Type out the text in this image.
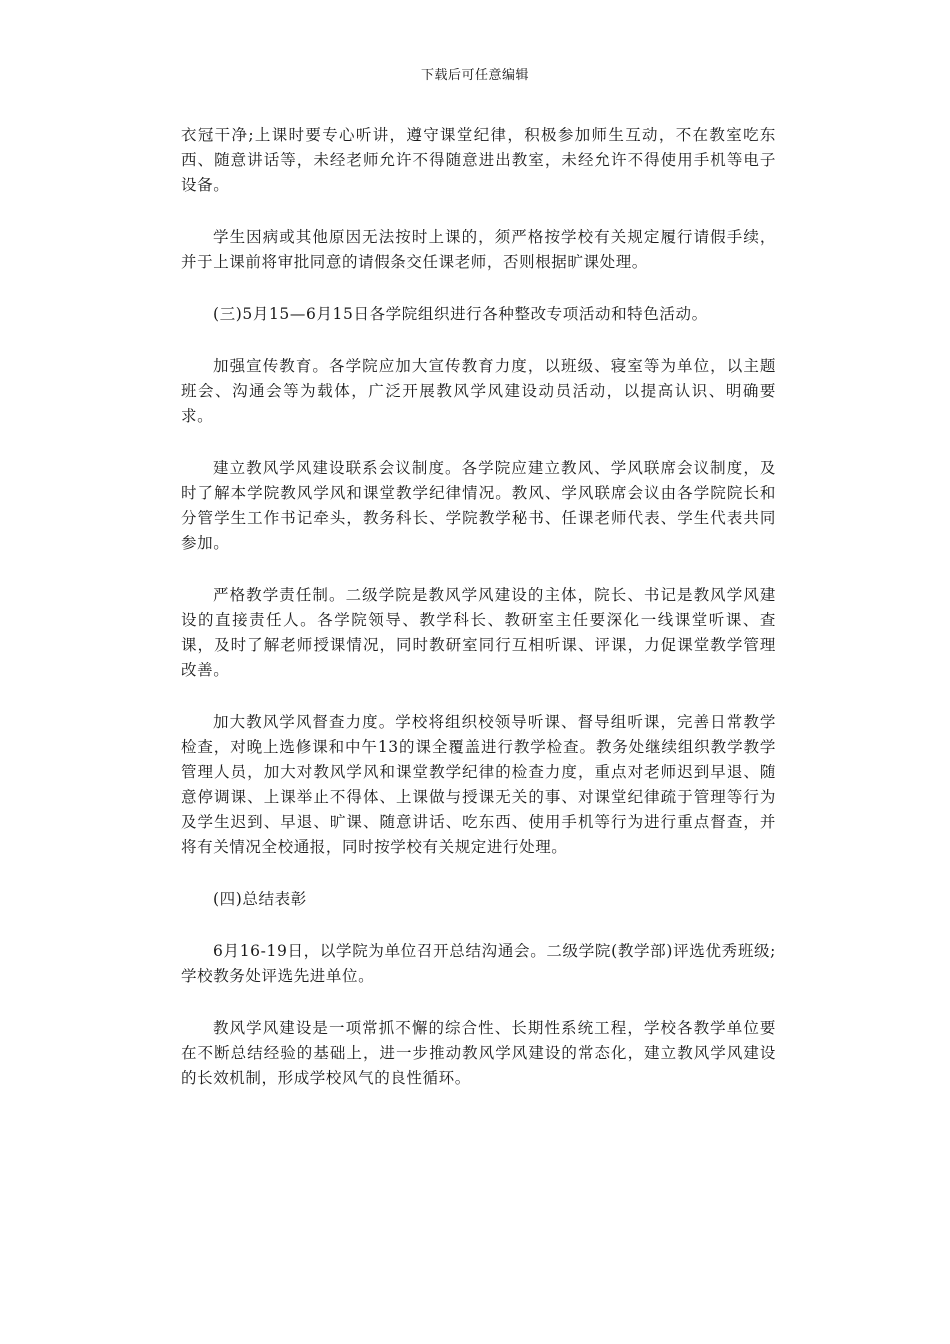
下载后可任意编辑

衣冠干净;上课时要专心听讲，遵守课堂纪律，积极参加师生互动，不在教室吃东西、随意讲话等，未经老师允许不得随意进出教室，未经允许不得使用手机等电子设备。

学生因病或其他原因无法按时上课的，须严格按学校有关规定履行请假手续，并于上课前将审批同意的请假条交任课老师，否则根据旷课处理。

(三)5月15—6月15日各学院组织进行各种整改专项活动和特色活动。

加强宣传教育。各学院应加大宣传教育力度，以班级、寝室等为单位，以主题班会、沟通会等为载体，广泛开展教风学风建设动员活动，以提高认识、明确要求。

建立教风学风建设联系会议制度。各学院应建立教风、学风联席会议制度，及时了解本学院教风学风和课堂教学纪律情况。教风、学风联席会议由各学院院长和分管学生工作书记牵头，教务科长、学院教学秘书、任课老师代表、学生代表共同参加。

严格教学责任制。二级学院是教风学风建设的主体，院长、书记是教风学风建设的直接责任人。各学院领导、教学科长、教研室主任要深化一线课堂听课、查课，及时了解老师授课情况，同时教研室同行互相听课、评课，力促课堂教学管理改善。

加大教风学风督查力度。学校将组织校领导听课、督导组听课，完善日常教学检查，对晚上选修课和中午13的课全覆盖进行教学检查。教务处继续组织教学教学管理人员，加大对教风学风和课堂教学纪律的检查力度，重点对老师迟到早退、随意停调课、上课举止不得体、上课做与授课无关的事、对课堂纪律疏于管理等行为及学生迟到、早退、旷课、随意讲话、吃东西、使用手机等行为进行重点督查，并将有关情况全校通报，同时按学校有关规定进行处理。

(四)总结表彰

6月16-19日，以学院为单位召开总结沟通会。二级学院(教学部)评选优秀班级;学校教务处评选先进单位。

教风学风建设是一项常抓不懈的综合性、长期性系统工程，学校各教学单位要在不断总结经验的基础上，进一步推动教风学风建设的常态化，建立教风学风建设的长效机制，形成学校风气的良性循环。
